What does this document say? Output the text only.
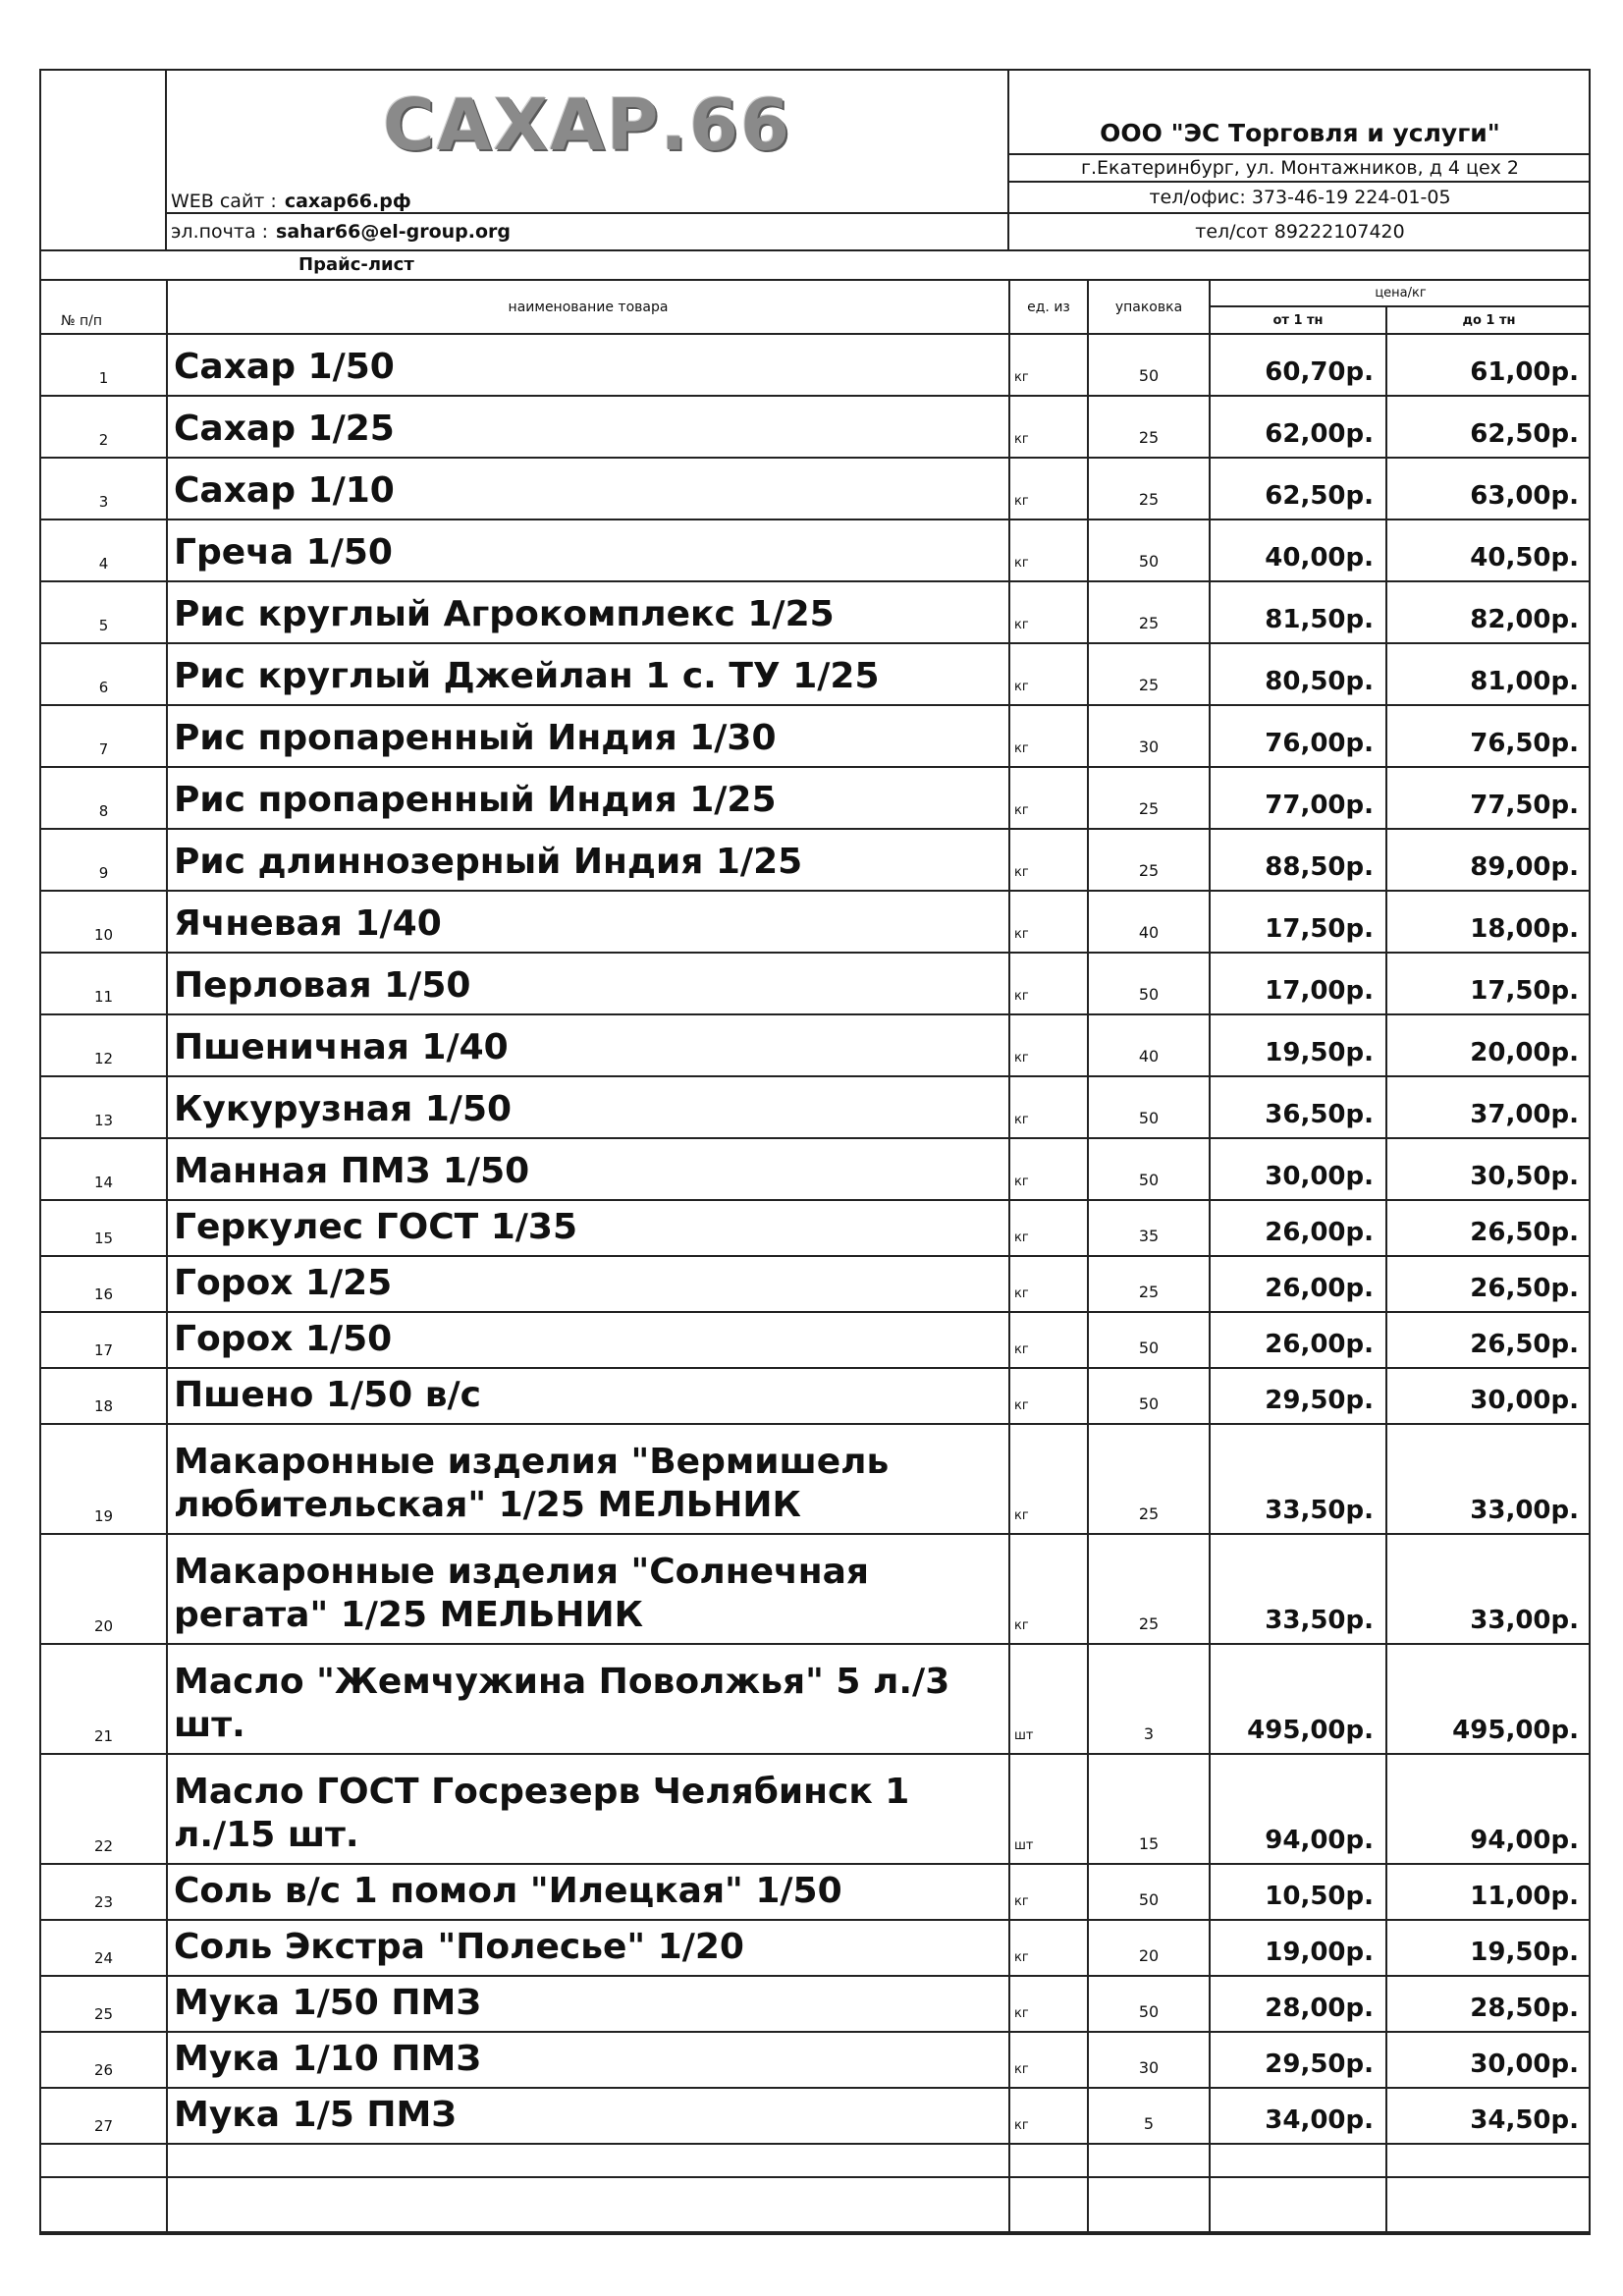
САХАР.66
WEB сайт : сахар66.рф
эл.почта : sahar66@el-group.org
ООО "ЭС Торговля и услуги"
г.Екатеринбург, ул. Монтажников, д 4 цех 2
тел/офис: 373-46-19 224-01-05
тел/сот 89222107420
Прайс-лист
№ п/п	наименование товара	ед. из	упаковка	цена/кг	
				от 1 тн	до 1 тн
1	Сахар 1/50	кг	50	60,70р.	61,00р.
2	Сахар 1/25	кг	25	62,00р.	62,50р.
3	Сахар 1/10	кг	25	62,50р.	63,00р.
4	Греча 1/50	кг	50	40,00р.	40,50р.
5	Рис круглый Агрокомплекс 1/25	кг	25	81,50р.	82,00р.
6	Рис круглый Джейлан 1 с. ТУ 1/25	кг	25	80,50р.	81,00р.
7	Рис пропаренный Индия 1/30	кг	30	76,00р.	76,50р.
8	Рис пропаренный Индия 1/25	кг	25	77,00р.	77,50р.
9	Рис длиннозерный Индия 1/25	кг	25	88,50р.	89,00р.
10	Ячневая 1/40	кг	40	17,50р.	18,00р.
11	Перловая 1/50	кг	50	17,00р.	17,50р.
12	Пшеничная 1/40	кг	40	19,50р.	20,00р.
13	Кукурузная 1/50	кг	50	36,50р.	37,00р.
14	Манная ПМЗ 1/50	кг	50	30,00р.	30,50р.
15	Геркулес ГОСТ 1/35	кг	35	26,00р.	26,50р.
16	Горох 1/25	кг	25	26,00р.	26,50р.
17	Горох 1/50	кг	50	26,00р.	26,50р.
18	Пшено 1/50 в/с	кг	50	29,50р.	30,00р.
19	Макаронные изделия "Вермишель любительская" 1/25 МЕЛЬНИК	кг	25	33,50р.	33,00р.
20	Макаронные изделия "Солнечная регата" 1/25 МЕЛЬНИК	кг	25	33,50р.	33,00р.
21	Масло "Жемчужина Поволжья" 5 л./3 шт.	шт	3	495,00р.	495,00р.
22	Масло ГОСТ Госрезерв Челябинск 1 л./15 шт.	шт	15	94,00р.	94,00р.
23	Соль в/с 1 помол "Илецкая" 1/50	кг	50	10,50р.	11,00р.
24	Соль Экстра "Полесье" 1/20	кг	20	19,00р.	19,50р.
25	Мука 1/50 ПМЗ	кг	50	28,00р.	28,50р.
26	Мука 1/10 ПМЗ	кг	30	29,50р.	30,00р.
27	Мука 1/5 ПМЗ	кг	5	34,00р.	34,50р.
